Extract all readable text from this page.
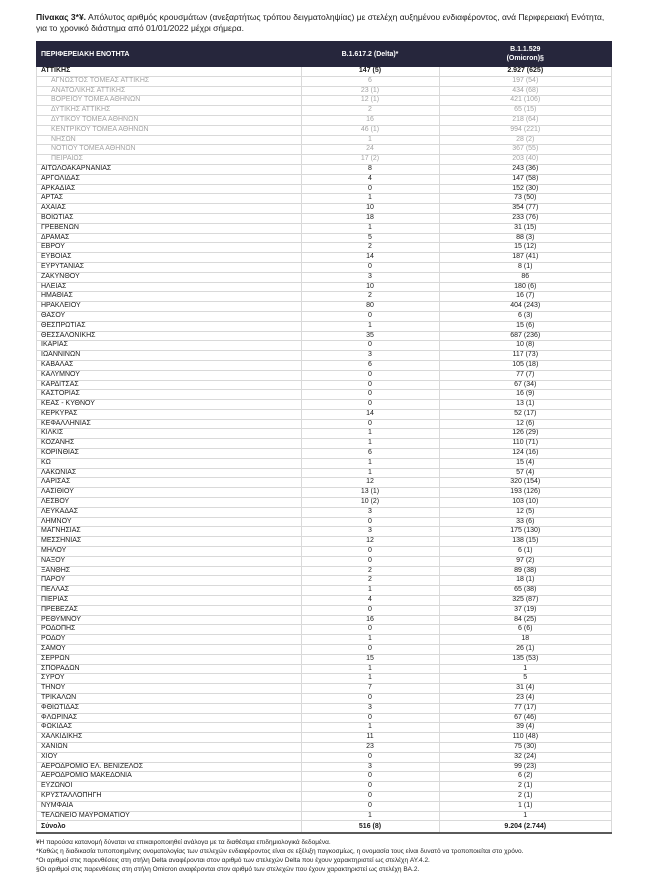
Πίνακας 3*¥. Απόλυτος αριθμός κρουσμάτων (ανεξαρτήτως τρόπου δειγματοληψίας) με στελέχη αυξημένου ενδιαφέροντος, ανά Περιφερειακή Ενότητα, για το χρονικό διάστημα από 01/01/2022 μέχρι σήμερα.
ΠΕΡΙΦΕΡΕΙΑΚΗ ΕΝΟΤΗΤΑ	B.1.617.2 (Delta)*	B.1.1.529
(Omicron)§

ΑΤΤΙΚΗΣ	147 (5)	2.927 (625)
ΑΓΝΩΣΤΟΣ ΤΟΜΕΑΣ ΑΤΤΙΚΗΣ	6	197 (54)
ΑΝΑΤΟΛΙΚΗΣ ΑΤΤΙΚΗΣ	23 (1)	434 (68)
ΒΟΡΕΙΟΥ ΤΟΜΕΑ ΑΘΗΝΩΝ	12 (1)	421 (106)
ΔΥΤΙΚΗΣ ΑΤΤΙΚΗΣ	2	65 (15)
ΔΥΤΙΚΟΥ ΤΟΜΕΑ ΑΘΗΝΩΝ	16	218 (64)
ΚΕΝΤΡΙΚΟΥ ΤΟΜΕΑ ΑΘΗΝΩΝ	46 (1)	994 (221)
ΝΗΣΩΝ	1	28 (2)
ΝΟΤΙΟΥ ΤΟΜΕΑ ΑΘΗΝΩΝ	24	367 (55)
ΠΕΙΡΑΙΩΣ	17 (2)	203 (40)
ΑΙΤΩΛΟΑΚΑΡΝΑΝΙΑΣ	8	243 (36)
ΑΡΓΟΛΙΔΑΣ	4	147 (58)
ΑΡΚΑΔΙΑΣ	0	152 (30)
ΑΡΤΑΣ	1	73 (50)
ΑΧΑΪΑΣ	10	354 (77)
ΒΟΙΩΤΙΑΣ	18	233 (76)
ΓΡΕΒΕΝΩΝ	1	31 (15)
ΔΡΑΜΑΣ	5	88 (3)
ΕΒΡΟΥ	2	15 (12)
ΕΥΒΟΙΑΣ	14	187 (41)
ΕΥΡΥΤΑΝΙΑΣ	0	8 (1)
ΖΑΚΥΝΘΟΥ	3	86
ΗΛΕΙΑΣ	10	180 (6)
ΗΜΑΘΙΑΣ	2	16 (7)
ΗΡΑΚΛΕΙΟΥ	80	404 (243)
ΘΑΣΟΥ	0	6 (3)
ΘΕΣΠΡΩΤΙΑΣ	1	15 (6)
ΘΕΣΣΑΛΟΝΙΚΗΣ	35	687 (236)
ΙΚΑΡΙΑΣ	0	10 (8)
ΙΩΑΝΝΙΝΩΝ	3	117 (73)
ΚΑΒΑΛΑΣ	6	105 (18)
ΚΑΛΥΜΝΟΥ	0	77 (7)
ΚΑΡΔΙΤΣΑΣ	0	67 (34)
ΚΑΣΤΟΡΙΑΣ	0	16 (9)
ΚΕΑΣ - ΚΥΘΝΟΥ	0	13 (1)
ΚΕΡΚΥΡΑΣ	14	52 (17)
ΚΕΦΑΛΛΗΝΙΑΣ	0	12 (6)
ΚΙΛΚΙΣ	1	126 (29)
ΚΟΖΑΝΗΣ	1	110 (71)
ΚΟΡΙΝΘΙΑΣ	6	124 (16)
ΚΩ	1	15 (4)
ΛΑΚΩΝΙΑΣ	1	57 (4)
ΛΑΡΙΣΑΣ	12	320 (154)
ΛΑΣΙΘΙΟΥ	13 (1)	193 (126)
ΛΕΣΒΟΥ	10 (2)	103 (10)
ΛΕΥΚΑΔΑΣ	3	12 (5)
ΛΗΜΝΟΥ	0	33 (6)
ΜΑΓΝΗΣΙΑΣ	3	175 (130)
ΜΕΣΣΗΝΙΑΣ	12	138 (15)
ΜΗΛΟΥ	0	6 (1)
ΝΑΞΟΥ	0	97 (2)
ΞΑΝΘΗΣ	2	89 (38)
ΠΑΡΟΥ	2	18 (1)
ΠΕΛΛΑΣ	1	65 (38)
ΠΙΕΡΙΑΣ	4	325 (87)
ΠΡΕΒΕΖΑΣ	0	37 (19)
ΡΕΘΥΜΝΟΥ	16	84 (25)
ΡΟΔΟΠΗΣ	0	6 (6)
ΡΟΔΟΥ	1	18
ΣΑΜΟΥ	0	26 (1)
ΣΕΡΡΩΝ	15	135 (53)
ΣΠΟΡΑΔΩΝ	1	1
ΣΥΡΟΥ	1	5
ΤΗΝΟΥ	7	31 (4)
ΤΡΙΚΑΛΩΝ	0	23 (4)
ΦΘΙΩΤΙΔΑΣ	3	77 (17)
ΦΛΩΡΙΝΑΣ	0	67 (46)
ΦΩΚΙΔΑΣ	1	39 (4)
ΧΑΛΚΙΔΙΚΗΣ	11	110 (48)
ΧΑΝΙΩΝ	23	75 (30)
ΧΙΟΥ	0	32 (24)
ΑΕΡΟΔΡΟΜΙΟ ΕΛ. ΒΕΝΙΖΕΛΟΣ	3	99 (23)
ΑΕΡΟΔΡΟΜΙΟ ΜΑΚΕΔΟΝΙΑ	0	6 (2)
ΕΥΖΩΝΟΙ	0	2 (1)
ΚΡΥΣΤΑΛΛΟΠΗΓΗ	0	2 (1)
ΝΥΜΦΑΙΑ	0	1 (1)
ΤΕΛΩΝΕΙΟ ΜΑΥΡΟΜΑΤΙΟΥ	1	1
Σύνολο	516 (8)	9.204 (2.744)
¥Η παρούσα κατανομή δύναται να επικαιροποιηθεί ανάλογα με τα διαθέσιμα επιδημιολογικά δεδομένα.
*Καθώς η διαδικασία τυποποιημένης ονοματολογίας των στελεχών ενδιαφέροντος είναι σε εξέλιξη παγκοσμίως, η ονομασία τους είναι δυνατό να τροποποιείται στο χρόνο.
*Οι αριθμοί στις παρενθέσεις στη στήλη Delta αναφέρονται στον αριθμό των στελεχών Delta που έχουν χαρακτηριστεί ως στελέχη AY.4.2.
§Οι αριθμοί στις παρενθέσεις στη στήλη Omicron αναφέρονται στον αριθμό των στελεχών που έχουν χαρακτηριστεί ως στελέχη BA.2.
